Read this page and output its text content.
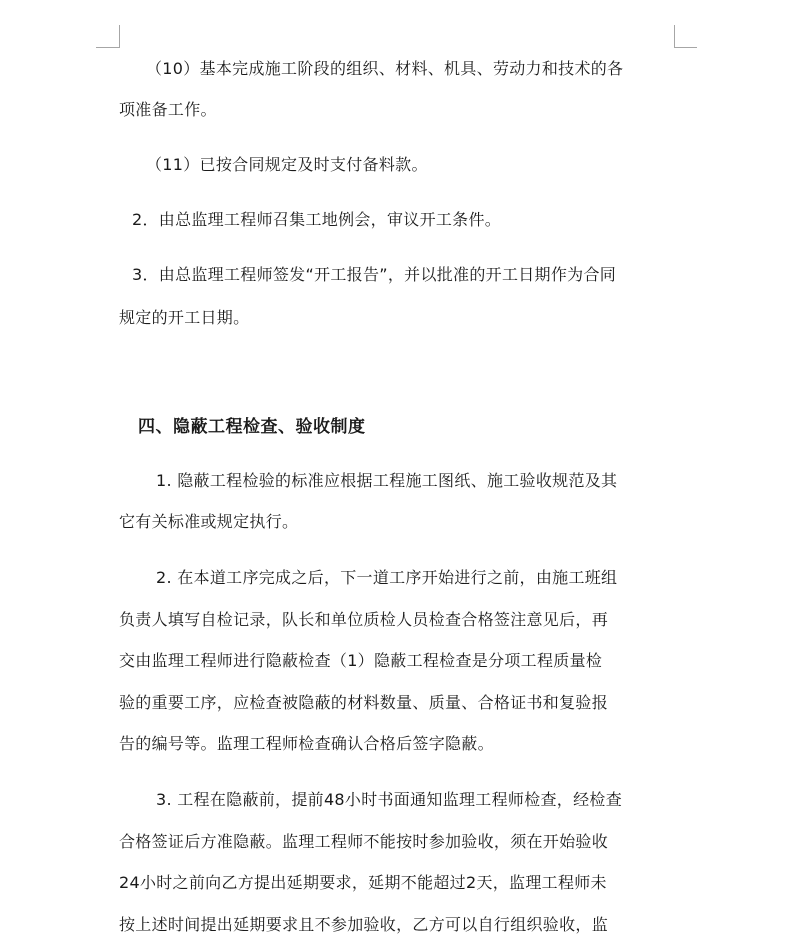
（10）基本完成施工阶段的组织、材料、机具、劳动力和技术的各
项准备工作。
（11）已按合同规定及时支付备料款。
2．由总监理工程师召集工地例会，审议开工条件。
3．由总监理工程师签发“开工报告”，并以批准的开工日期作为合同
规定的开工日期。
四、隐蔽工程检查、验收制度
1. 隐蔽工程检验的标准应根据工程施工图纸、施工验收规范及其
它有关标准或规定执行。
2. 在本道工序完成之后，下一道工序开始进行之前，由施工班组
负责人填写自检记录，队长和单位质检人员检查合格签注意见后，再
交由监理工程师进行隐蔽检查（1）隐蔽工程检查是分项工程质量检
验的重要工序，应检查被隐蔽的材料数量、质量、合格证书和复验报
告的编号等。监理工程师检查确认合格后签字隐蔽。
3. 工程在隐蔽前，提前48小时书面通知监理工程师检查，经检查
合格签证后方准隐蔽。监理工程师不能按时参加验收，须在开始验收
24小时之前向乙方提出延期要求，延期不能超过2天，监理工程师未
按上述时间提出延期要求且不参加验收，乙方可以自行组织验收，监
